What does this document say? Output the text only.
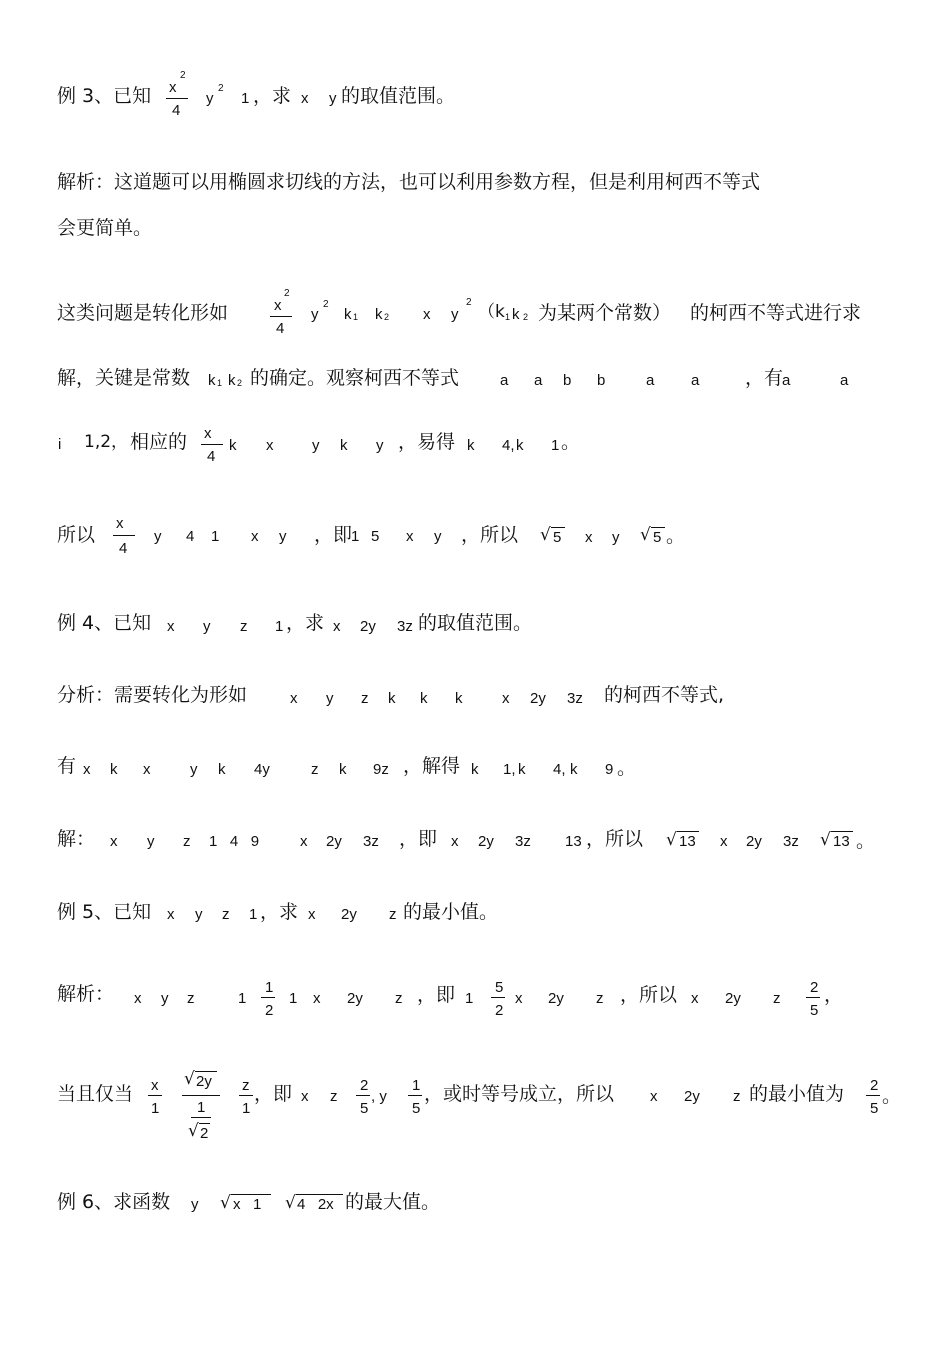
例 3、已知 x
2
4
y
2
1 ，求 x y 的取值范围。
解析：这道题可以用椭圆求切线的方法，也可以利用参数方程，但是利用柯西不等式
会更简单。
这类问题是转化形如	x
2
4
y
2
k 1 k 2 x y
2 （k 1 k 2 为某两个常数） 的柯西不等式进行求
解，关键是常数 k 1 k 2 的确定。观察柯西不等式	a a b b	a a ，有
a	a
i 1,2， 相应的 x
4
k x	y k y ，易得 k 4, k 1 。
所以
x
4
y 4 1 x y ，即
1 5 x y ，所以 √ 5 x y √ 5 。
例 4、已知 x y z 1 ，求 x 2y 3z 的取值范围。
分析：需要转化为形如	x y z k k k	x 2y 3z 的柯西不等式,
有 x k x	y k 4y	z k 9z ，解得 k 1, k 4, k 9 。
解： x y z 1   4   9	x 2y 3z ，即 x 2y 3z 13 ，所以 √ 13 x 2y 3z √ 13 。
例 5、已知 x y z 1 ，求 x 2y z 的最小值。
解析： x y z	1
1
2
1 x 2y z ，即 1
5
2
x 2y z ，所以 x 2y z
2
5
，
当且仅当 x
1
√ 2y
1
√ 2
z
1
，即 x z
2
5
, y
1
5
，或时等号成立，所以 x 2y z 的最小值为 2
5
。
例 6、求函数 y √ x   1 √ 4   2x 的最大值。
